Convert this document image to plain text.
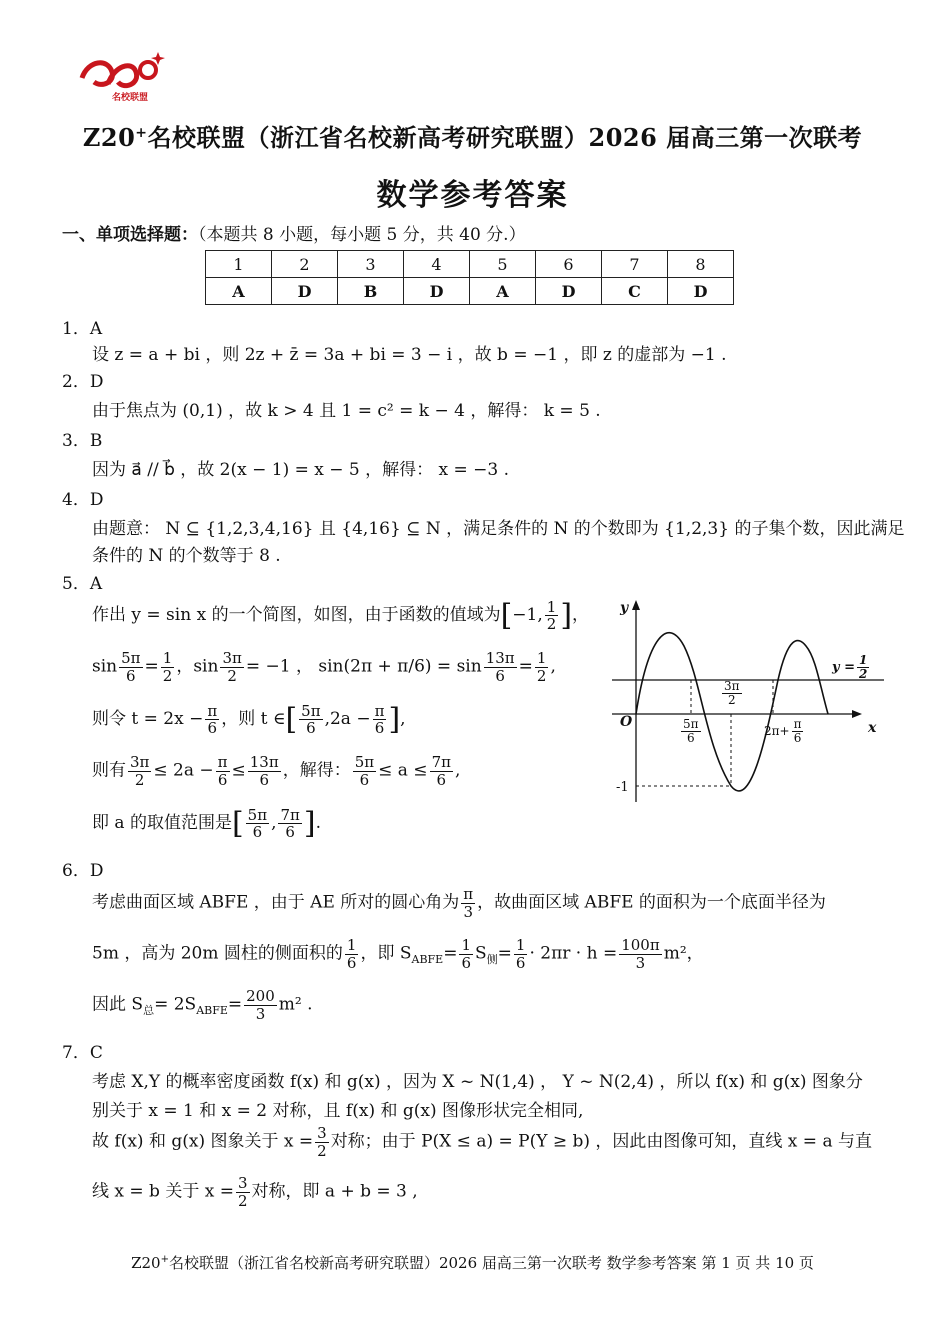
名校联盟
Z20+名校联盟（浙江省名校新高考研究联盟）2026 届高三第一次联考
数学参考答案
一、单项选择题：（本题共 8 小题，每小题 5 分，共 40 分.）
1	2	3	4	5	6	7	8
A	D	B	D	A	D	C	D
1．A
设 z = a + bi ，则 2z + z̄ = 3a + bi = 3 − i ，故 b = −1 ，即 z 的虚部为 −1 .
2．D
由于焦点为 (0,1) ，故 k > 4 且 1 = c² = k − 4 ，解得： k = 5 .
3．B
因为 a⃗ // b⃗ ，故 2(x − 1) = x − 5 ，解得： x = −3 .
4．D
由题意： N ⊆ {1,2,3,4,16} 且 {4,16} ⊆ N ，满足条件的 N 的个数即为 {1,2,3} 的子集个数，因此满足
条件的 N 的个数等于 8 .
5．A
作出 y = sin x 的一个简图，如图，由于函数的值域为[−1, $\frac{1}{2}$ ]，
$\sin \frac{5\pi}{6} = \frac{1}{2}$ ，$\sin \frac{3\pi}{2} = -1$ ， $\sin(2\pi + \pi/6) = \sin \frac{13\pi}{6} = \frac{1}{2}$ ,
则令 $t = 2x - \frac{\pi}{6}$ ，则 t ∈[ $\frac{5\pi}{6} ,2a - \frac{\pi}{6}$ ],
则有 $\frac{3\pi}{2} \le 2a - \frac{\pi}{6} \le \frac{13\pi}{6}$ ，解得： $\frac{5\pi}{6} \le a \le \frac{7\pi}{6}$ ,
即 a 的取值范围是[ $\frac{5\pi}{6}$ , $\frac{7\pi}{6}$ ].
y
x
O
-1
$y = \frac{1}{2}$
$\frac{3\pi}{2}$
$\frac{5\pi}{6}$	$2\pi+ \frac{\pi}{6}$
6．D
考虑曲面区域 ABFE ，由于 AE 所对的圆心角为 $\frac{\pi}{3}$ ，故曲面区域 ABFE 的面积为一个底面半径为
5m ，高为 20m 圆柱的侧面积的 $\frac{1}{6}$ ，即 $S_{ABFE}= \frac{1}{6} S_侧= \frac{1}{6} \cdot 2\pi r \cdot h = \frac{100\pi}{3} m^2$，
因此 $S_总= 2S_{ABFE}= \frac{200}{3} m^2$ .
7．C
考虑 X,Y 的概率密度函数 f(x) 和 g(x) ，因为 X ~ N(1,4) ， Y ~ N(2,4) ，所以 f(x) 和 g(x) 图象分
别关于 x = 1 和 x = 2 对称，且 f(x) 和 g(x) 图像形状完全相同,
故 f(x) 和 g(x) 图象关于 $x = \frac{3}{2}$ 对称；由于 P(X ≤ a) = P(Y ≥ b) ，因此由图像可知，直线 x = a 与直
线 x = b 关于 $x = \frac{3}{2}$ 对称，即 a + b = 3 ,
Z20+名校联盟（浙江省名校新高考研究联盟）2026 届高三第一次联考 数学参考答案 第 1 页 共 10 页
